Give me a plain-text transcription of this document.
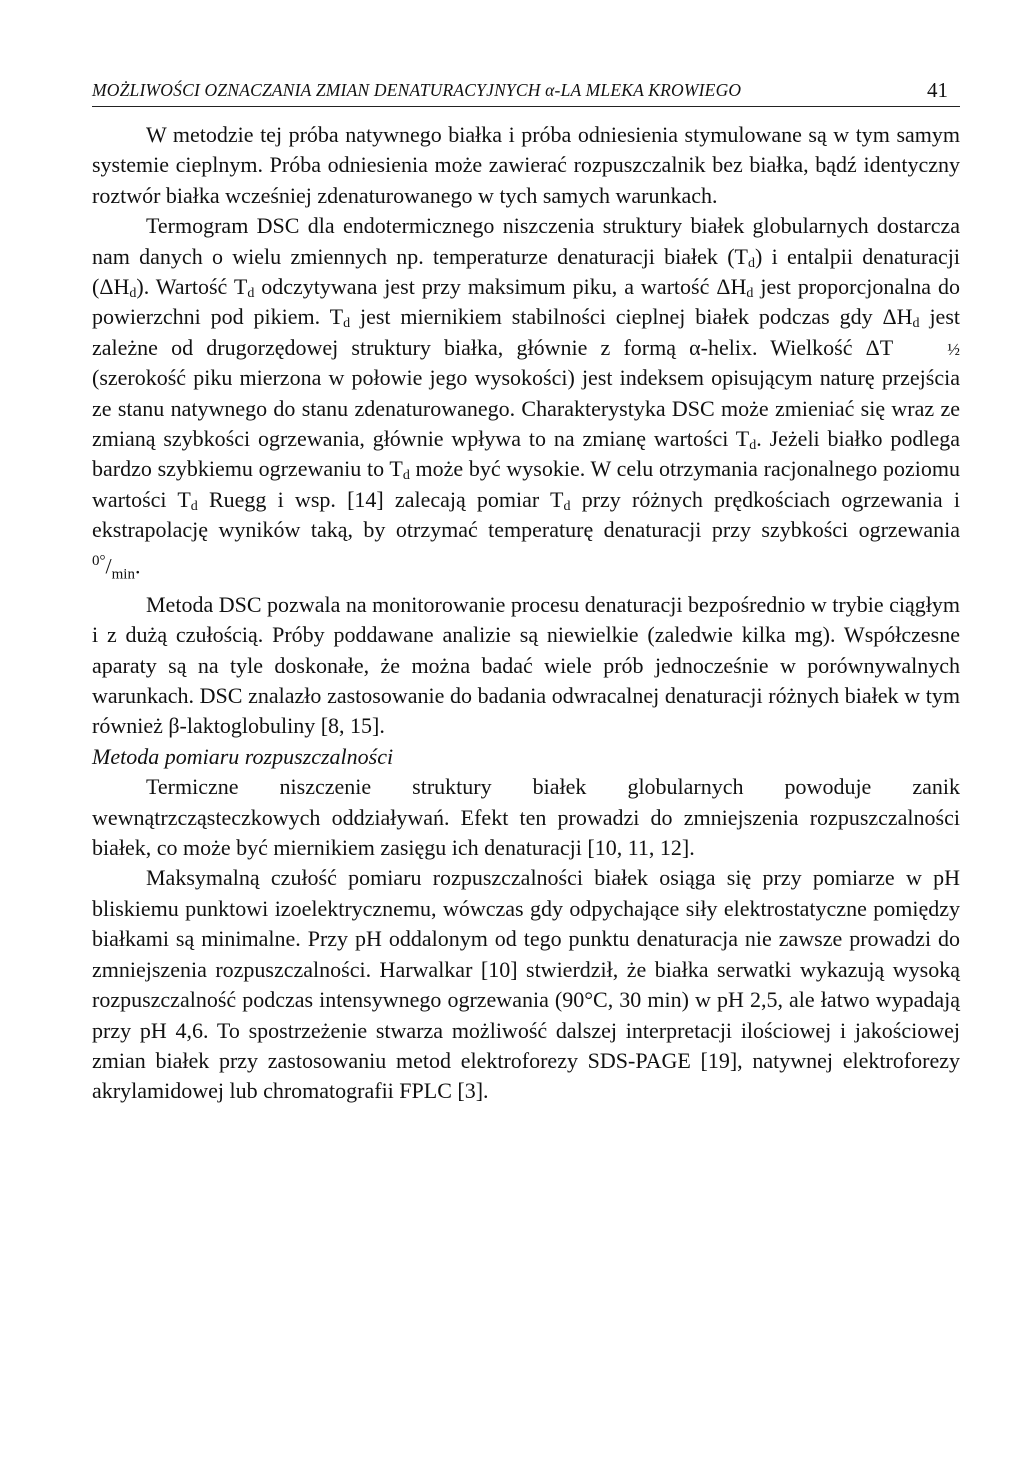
MOŻLIWOŚCI OZNACZANIA ZMIAN DENATURACYJNYCH α-LA MLEKA KROWIEGO	41

W metodzie tej próba natywnego białka i próba odniesienia stymulowane są w tym samym systemie cieplnym. Próba odniesienia może zawierać rozpuszczalnik bez białka, bądź identyczny roztwór białka wcześniej zdenaturowanego w tych samych warunkach.

Termogram DSC dla endotermicznego niszczenia struktury białek globularnych dostarcza nam danych o wielu zmiennych np. temperaturze denaturacji białek $(T_d)$ i entalpii denaturacji $(\Delta H_d)$. Wartość $T_d$ odczytywana jest przy maksimum piku, a wartość $\Delta H_d$ jest proporcjonalna do powierzchni pod pikiem. $T_d$ jest miernikiem stabilności cieplnej białek podczas gdy $\Delta H_d$ jest zależne od drugorzędowej struktury białka, głównie z formą α-helix. Wielkość ΔT	½ (szerokość piku mierzona w połowie jego wysokości) jest indeksem opisującym naturę przejścia ze stanu natywnego do stanu zdenaturowanego. Charakterystyka DSC może zmieniać się wraz ze zmianą szybkości ogrzewania, głównie wpływa to na zmianę wartości $T_d$. Jeżeli białko podlega bardzo szybkiemu ogrzewaniu to $T_d$ może być wysokie. W celu otrzymania racjonalnego poziomu wartości $T_d$ Ruegg i wsp. [14] zalecają pomiar $T_d$ przy różnych prędkościach ogrzewania i ekstrapolację wyników taką, by otrzymać temperaturę denaturacji przy szybkości ogrzewania $^{0^\circ}/_{min}$.

Metoda DSC pozwala na monitorowanie procesu denaturacji bezpośrednio w trybie ciągłym i z dużą czułością. Próby poddawane analizie są niewielkie (zaledwie kilka mg). Współczesne aparaty są na tyle doskonałe, że można badać wiele prób jednocześnie w porównywalnych warunkach. DSC znalazło zastosowanie do badania odwracalnej denaturacji różnych białek w tym również β-laktoglobuliny [8, 15].

Metoda pomiaru rozpuszczalności

Termiczne niszczenie struktury białek globularnych powoduje zanik wewnątrzcząsteczkowych oddziaływań. Efekt ten prowadzi do zmniejszenia rozpuszczalności białek, co może być miernikiem zasięgu ich denaturacji [10, 11, 12].

Maksymalną czułość pomiaru rozpuszczalności białek osiąga się przy pomiarze w pH bliskiemu punktowi izoelektrycznemu, wówczas gdy odpychające siły elektrostatyczne pomiędzy białkami są minimalne. Przy pH oddalonym od tego punktu denaturacja nie zawsze prowadzi do zmniejszenia rozpuszczalności. Harwalkar [10] stwierdził, że białka serwatki wykazują wysoką rozpuszczalność podczas intensywnego ogrzewania (90°C, 30 min) w pH 2,5, ale łatwo wypadają przy pH 4,6. To spostrzeżenie stwarza możliwość dalszej interpretacji ilościowej i jakościowej zmian białek przy zastosowaniu metod elektroforezy SDS-PAGE [19], natywnej elektroforezy akrylamidowej lub chromatografii FPLC [3].
